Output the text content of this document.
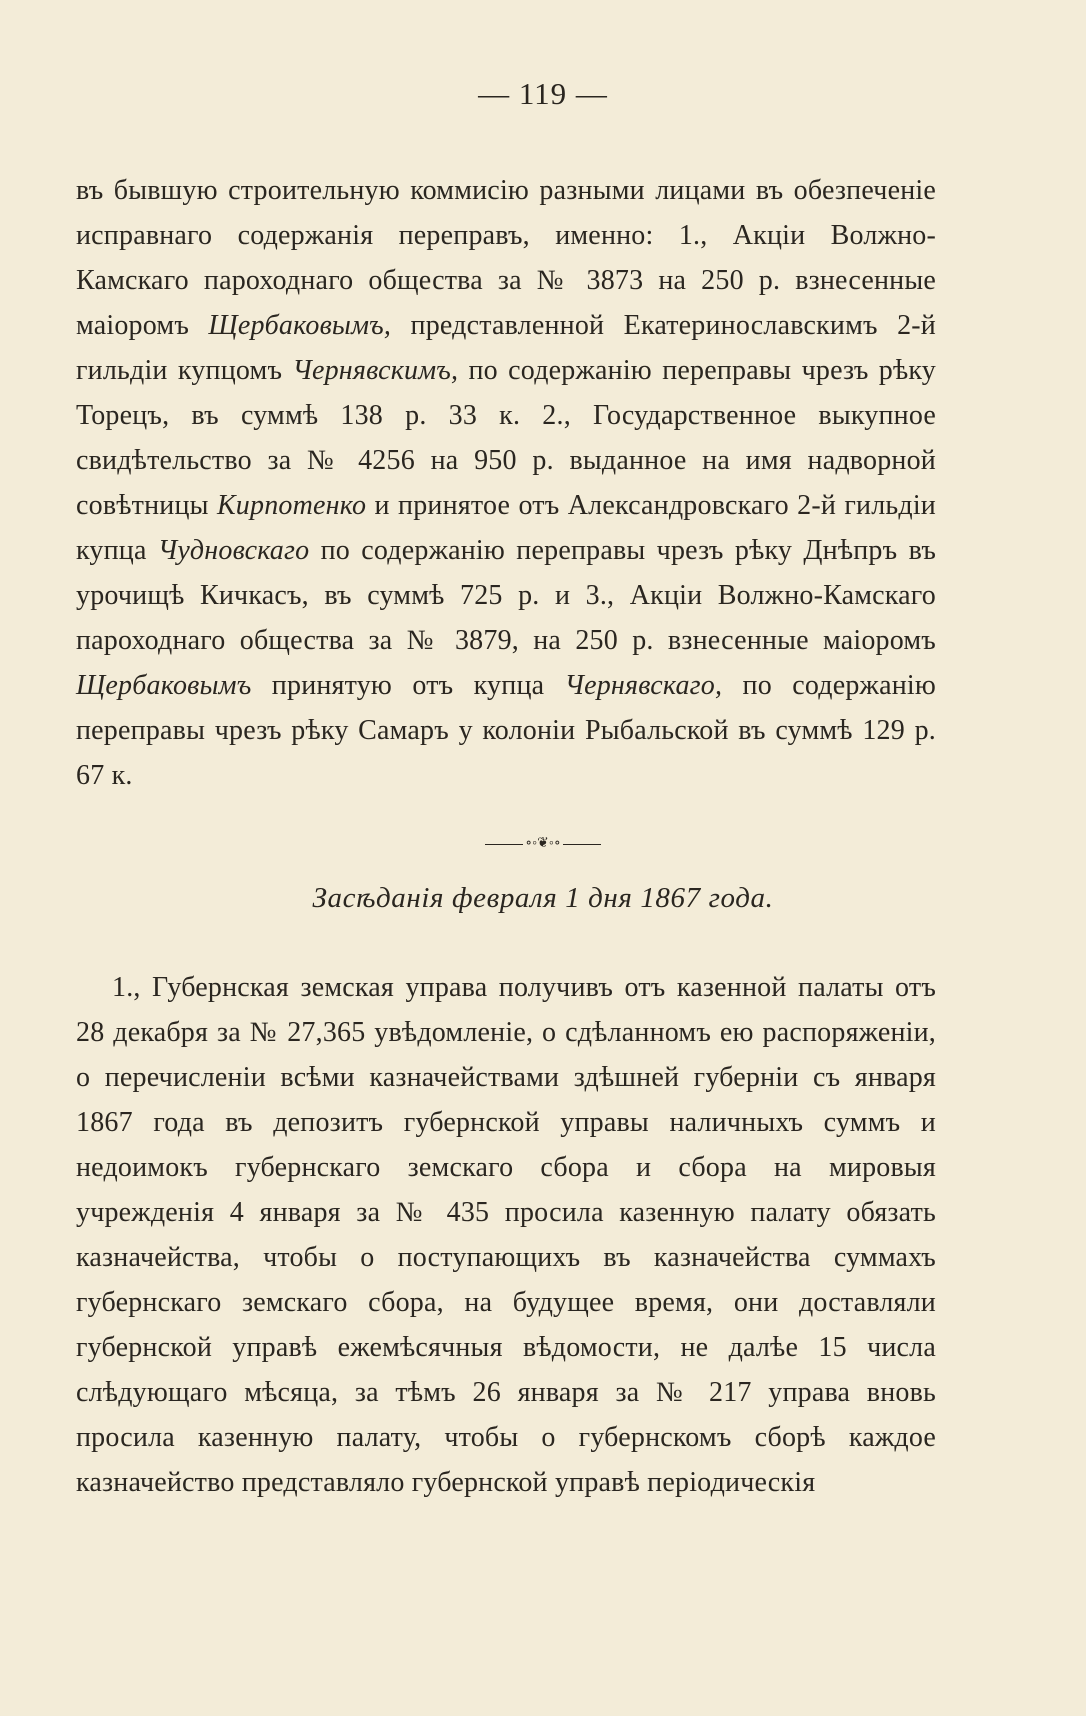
— 119 —

въ бывшую строительную коммисію разными лицами въ обезпеченіе исправнаго содержанія переправъ, именно: 1., Акціи Волжно-Камскаго пароходнаго общества за № 3873 на 250 р. взнесенные маіоромъ Щербаковымъ, представленной Екатеринославскимъ 2-й гильдіи купцомъ Чернявскимъ, по содержанію переправы чрезъ рѣку Торецъ, въ суммѣ 138 р. 33 к. 2., Государственное выкупное свидѣтельство за № 4256 на 950 р. выданное на имя надворной совѣтницы Кирпотенко и принятое отъ Александровскаго 2-й гильдіи купца Чудновскаго по содержанію переправы чрезъ рѣку Днѣпръ въ урочищѣ Кичкасъ, въ суммѣ 725 р. и 3., Акціи Волжно-Камскаго пароходнаго общества за № 3879, на 250 р. взнесенные маіоромъ Щербаковымъ принятую отъ купца Чернявскаго, по содержанію переправы чрезъ рѣку Самаръ у колоніи Рыбальской въ суммѣ 129 р. 67 к.

∘◦❦◦∘
Засѣданія февраля 1 дня 1867 года.

1., Губернская земская управа получивъ отъ казенной палаты отъ 28 декабря за № 27,365 увѣдомленіе, о сдѣланномъ ею распоряженіи, о перечисленіи всѣми казначействами здѣшней губерніи съ января 1867 года въ депозитъ губернской управы наличныхъ суммъ и недоимокъ губернскаго земскаго сбора и сбора на мировыя учрежденія 4 января за № 435 просила казенную палату обязать казначейства, чтобы о поступающихъ въ казначейства суммахъ губернскаго земскаго сбора, на будущее время, они доставляли губернской управѣ ежемѣсячныя вѣдомости, не далѣе 15 числа слѣдующаго мѣсяца, за тѣмъ 26 января за № 217 управа вновь просила казенную палату, чтобы о губернскомъ сборѣ каждое казначейство представляло губернской управѣ періодическія
